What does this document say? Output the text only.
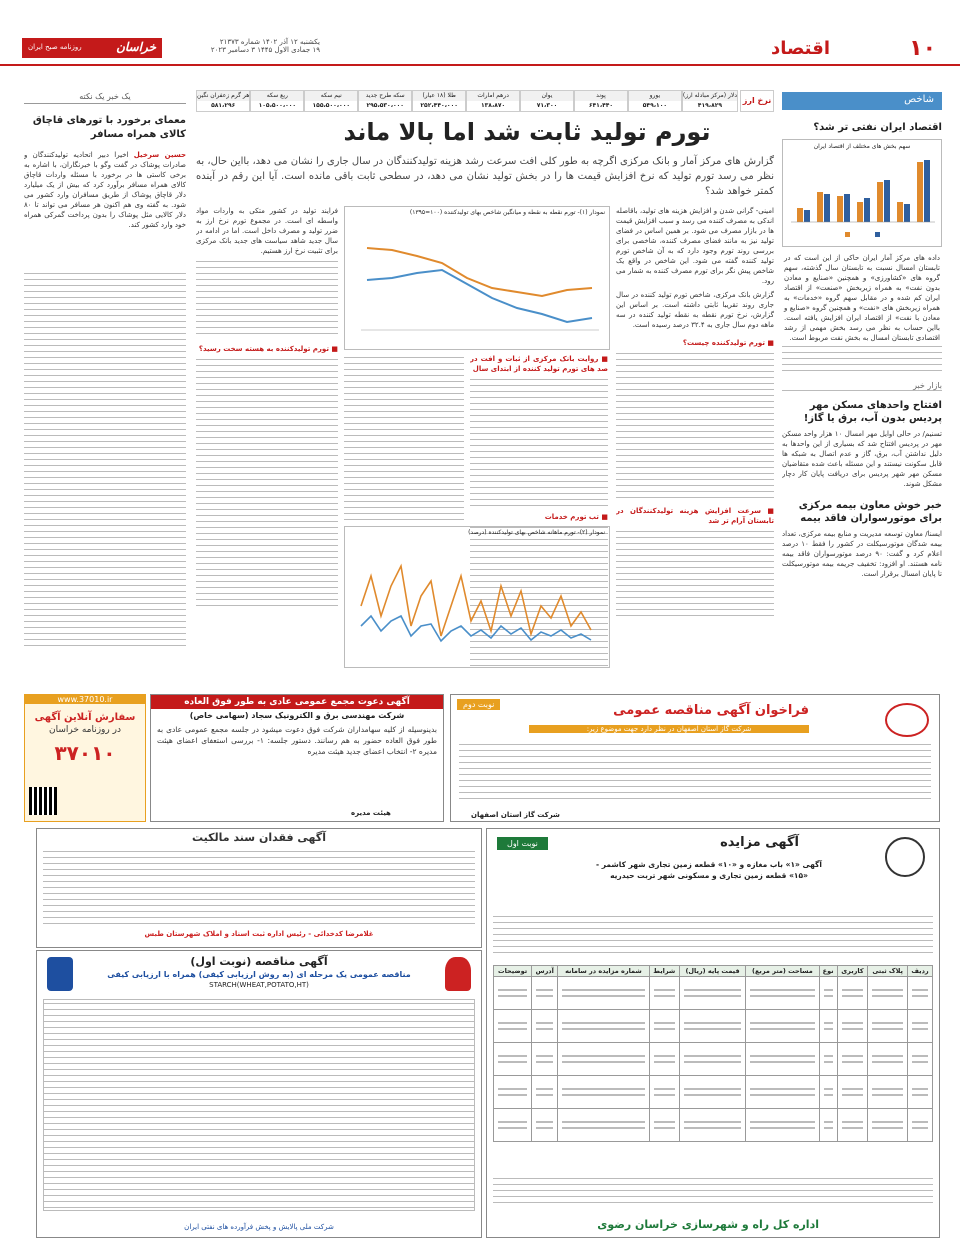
۱۰
اقتصاد
یکشنبه ۱۲ آذر ۱۴۰۲ شماره ۲۱۳۷۳
۱۹ جمادی الاول ۱۴۴۵ ۳ دسامبر ۲۰۲۳
خراسان
روزنامه صبح ایران
نرخ ارز
دلار (مرکز مبادله ارز)
۴۱۹،۸۲۹
یورو
۵۴۹،۱۰۰
پوند
۶۴۱،۴۴۰
یوان
۷۱،۳۰۰
درهم امارات
۱۳۸،۸۷۰
طلا (۱۸ عیار)
۲۵۲،۴۴۰،۰۰۰
سکه طرح جدید
۲۹۵،۵۳۰،۰۰۰
نیم سکه
۱۵۵،۵۰۰،۰۰۰
ربع سکه
۱۰۵،۵۰۰،۰۰۰
هر گرم زعفران نگین
۵۸۱،۲۹۶
شاخص
اقتصاد ایران نفتی تر شد؟
سهم بخش های مختلف از اقتصاد ایران
داده های مرکز آمار ایران حاکی از این است که در تابستان امسال نسبت به تابستان سال گذشته، سهم گروه های «کشاورزی» و همچنین «صنایع و معادن بدون نفت» به همراه زیربخش «صنعت» از اقتصاد ایران کم شده و در مقابل سهم گروه «خدمات» به همراه زیربخش های «نفت» و همچنین گروه «صنایع و معادن با نفت» از اقتصاد ایران افزایش یافته است. بااین حساب به نظر می رسد بخش مهمی از رشد اقتصادی تابستان امسال به بخش نفت مربوط است.
بازار خبر
افتتاح واحدهای مسکن مهر پردیس بدون آب، برق یا گاز!
تسنیم/ در حالی اوایل مهر امسال ۱۰ هزار واحد مسکن مهر در پردیس افتتاح شد که بسیاری از این واحدها به دلیل نداشتن آب، برق، گاز و عدم اتصال به شبکه ها قابل سکونت نیستند و این مسئله باعث شده متقاضیان مسکن مهر شهر پردیس برای دریافت پایان کار دچار مشکل شوند.
خبر خوش معاون بیمه مرکزی برای موتورسواران فاقد بیمه
ایسنا/ معاون توسعه مدیریت و منابع بیمه مرکزی، تعداد بیمه شدگان موتورسیکلت در کشور را فقط ۱۰ درصد اعلام کرد و گفت: ۹۰ درصد موتورسواران فاقد بیمه نامه هستند. او افزود: تخفیف جریمه بیمه موتورسیکلت تا پایان امسال برقرار است.
تورم تولید ثابت شد اما بالا ماند
گزارش های مرکز آمار و بانک مرکزی اگرچه به طور کلی افت سرعت رشد هزینه تولیدکنندگان در سال جاری را نشان می دهد، بااین حال، به نظر می رسد تورم تولید که نرخ افزایش قیمت ها را در بخش تولید نشان می دهد، در سطحی ثابت باقی مانده است. آیا این رقم در آینده کمتر خواهد شد؟
امینی- گرانی شدن و افزایش هزینه های تولید، باقاصله اندکی به مصرف کننده می رسد و سبب افزایش قیمت ها در بازار مصرف می شود. بر همین اساس در فضای تولید نیز به مانند فضای مصرف کننده، شاخصی برای بررسی روند تورم وجود دارد که به آن شاخص تورم تولید کننده گفته می شود. این شاخص در واقع یک شاخص پیش نگر برای تورم مصرف کننده به شمار می رود.
گزارش بانک مرکزی، شاخص تورم تولید کننده در سال جاری روند تقریبا ثابتی داشته است. بر اساس این گزارش، نرخ تورم نقطه به نقطه تولید کننده در سه ماهه دوم سال جاری به ۳۲.۴ درصد رسیده است.
■ تورم تولیدکننده چیست؟
■ سرعت افزایش هزینه تولیدکنندگان در تابستان آرام تر شد
نمودار (۱)- تورم نقطه به نقطه و میانگین شاخص بهای تولیدکننده (۱۰۰=۱۳۹۵)
■ روایت بانک مرکزی از ثبات و افت در صد های تورم تولید کننده از ابتدای سال
■ تب تورم خدمات
نمودار (۲)- تورم ماهانه شاخص بهای تولیدکننده (درصد)
فرایند تولید در کشور متکی به واردات مواد واسطه ای است. در مجموع تورم نرخ ارز به ضرر تولید و مصرف داخل است. اما در ادامه در سال جدید شاهد سیاست های جدید بانک مرکزی برای تثبیت نرخ ارز هستیم.
■ تورم تولیدکننده به هسته سخت رسید؟
یک خبر یک نکته
معمای برخورد با تورهای قاچاق کالای همراه مسافر
حسین سرخیل اخیرا دبیر اتحادیه تولیدکنندگان و صادرات پوشاک در گفت وگو با خبرنگاران، با اشاره به برخی کاستی ها در برخورد با مسئله واردات قاچاق کالای همراه مسافر برآورد کرد که بیش از یک میلیارد دلار قاچاق پوشاک از طریق مسافران وارد کشور می شود. به گفته وی هم اکنون هر مسافر می تواند تا ۸۰ دلار کالایی مثل پوشاک را بدون پرداخت گمرکی همراه خود وارد کشور کند.
www.37010.ir
سفارش آنلاین آگهی
در روزنامه خراسان
۳۷۰۱۰
آگهی دعوت مجمع عمومی عادی به طور فوق العاده
شرکت مهندسی برق و الکترونیک سجاد (سهامی خاص)
بدینوسیله از کلیه سهامداران شرکت فوق دعوت میشود در جلسه مجمع عمومی عادی به طور فوق العاده حضور به هم رسانند. دستور جلسه: ۱- بررسی استعفای اعضای هیئت مدیره ۲- انتخاب اعضای جدید هیئت مدیره
هیئت مدیره
فراخوان آگهی مناقصه عمومی
نوبت دوم
شرکت گاز استان اصفهان در نظر دارد جهت موضوع زیر:
شرکت گاز استان اصفهان
آگهی فقدان سند مالکیت
غلامرضا کدخدائی - رئیس اداره ثبت اسناد و املاک شهرستان طبس
آگهی مزایده
نوبت اول
آگهی «۱» باب مغازه و «۱۰» قطعه زمین تجاری شهر کاشمر - «۱۵» قطعه زمین تجاری و مسکونی شهر تربت حیدریه
ردیف	پلاک ثبتی	کاربری	نوع	مساحت (متر مربع)	قیمت پایه (ریال)	شرایط	شماره مزایده در سامانه	آدرس	توضیحات

اداره کل راه و شهرسازی خراسان رضوی
آگهی مناقصه (نوبت اول)
مناقصه عمومی یک مرحله ای (به روش ارزیابی کیفی) همراه با ارزیابی کیفی
STARCH(WHEAT,POTATO,HT)
شرکت ملی پالایش و پخش فرآورده های نفتی ایران
